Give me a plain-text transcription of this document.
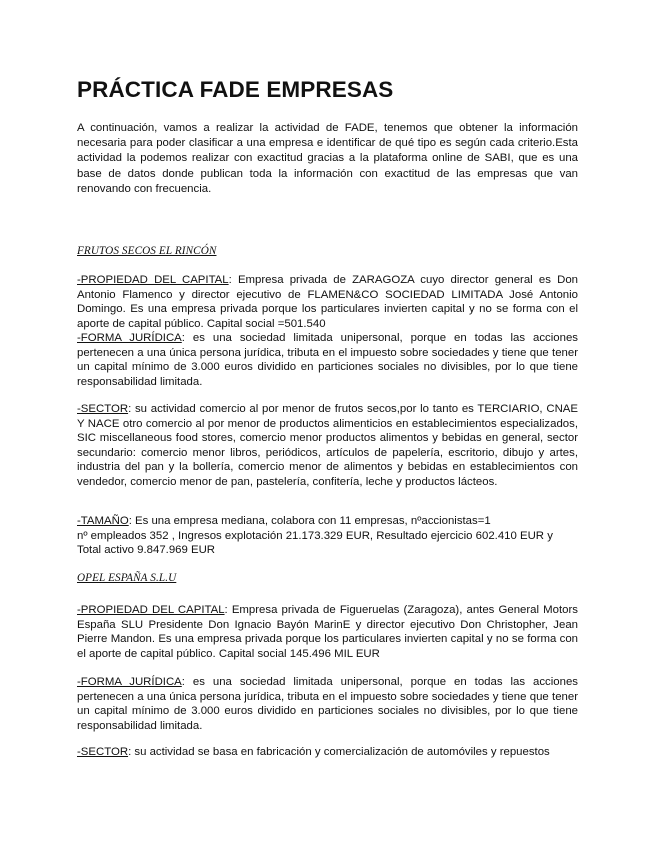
PRÁCTICA FADE EMPRESAS

A continuación, vamos a realizar la actividad de FADE, tenemos que obtener la información necesaria para poder clasificar a una empresa e identificar de qué tipo es según cada criterio.Esta actividad la podemos realizar con exactitud gracias a la plataforma online de SABI, que es una base de datos donde publican toda la información con exactitud de las empresas que van renovando con frecuencia.

FRUTOS SECOS EL RINCÓN

-PROPIEDAD DEL CAPITAL: Empresa privada de ZARAGOZA cuyo director general es Don Antonio Flamenco y director ejecutivo de FLAMEN&CO SOCIEDAD LIMITADA José Antonio Domingo. Es una empresa privada porque los particulares invierten capital y no se forma con el aporte de capital público. Capital social =501.540

-FORMA JURÍDICA: es una sociedad limitada unipersonal, porque en todas las acciones pertenecen a una única persona jurídica, tributa en el impuesto sobre sociedades y tiene que tener un capital mínimo de 3.000 euros dividido en particiones sociales no divisibles, por lo que tiene responsabilidad limitada.

-SECTOR: su actividad comercio al por menor de frutos secos,por lo tanto es TERCIARIO, CNAE Y NACE otro comercio al por menor de productos alimenticios en establecimientos especializados, SIC miscellaneous food stores, comercio menor productos alimentos y bebidas en general, sector secundario: comercio menor libros, periódicos, artículos de papelería, escritorio, dibujo y artes, industria del pan y la bollería, comercio menor de alimentos y bebidas en establecimientos con vendedor, comercio menor de pan, pastelería, confitería, leche y productos lácteos.

-TAMAÑO: Es una empresa mediana, colabora con 11 empresas, nºaccionistas=1
nº empleados 352 , Ingresos explotación 21.173.329 EUR, Resultado ejercicio 602.410 EUR y
Total activo 9.847.969 EUR

OPEL ESPAÑA S.L.U

-PROPIEDAD DEL CAPITAL: Empresa privada de Figueruelas (Zaragoza), antes General Motors España SLU Presidente Don Ignacio Bayón MarinE y director ejecutivo Don Christopher, Jean Pierre Mandon. Es una empresa privada porque los particulares invierten capital y no se forma con el aporte de capital público. Capital social 145.496 MIL EUR

-FORMA JURÍDICA: es una sociedad limitada unipersonal, porque en todas las acciones pertenecen a una única persona jurídica, tributa en el impuesto sobre sociedades y tiene que tener un capital mínimo de 3.000 euros dividido en particiones sociales no divisibles, por lo que tiene responsabilidad limitada.

-SECTOR: su actividad se basa en fabricación y comercialización de automóviles y repuestos
